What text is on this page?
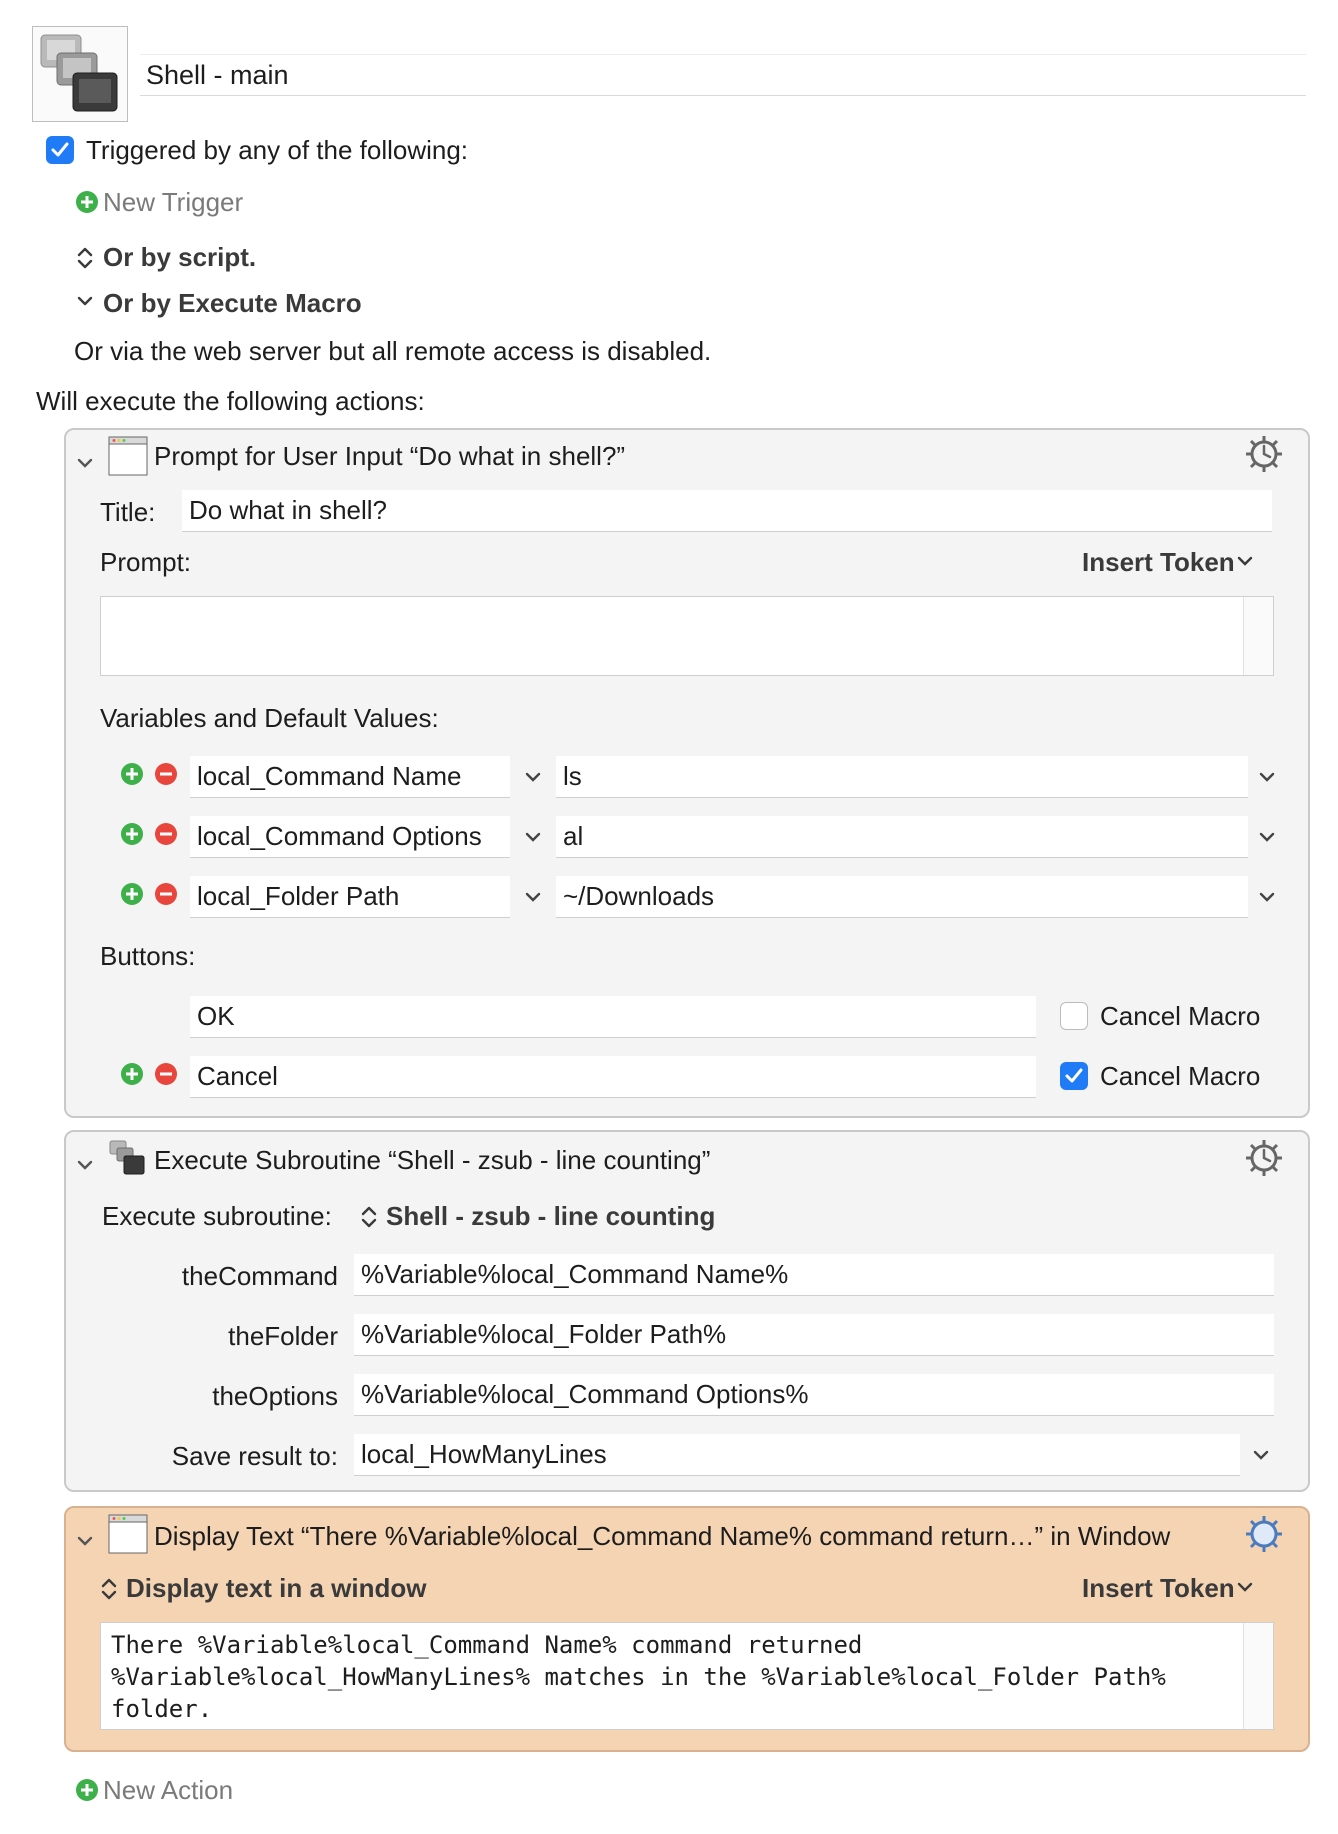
Shell - main
Triggered by any of the following:
New Trigger
Or by script.
Or by Execute Macro
Or via the web server but all remote access is disabled.
Will execute the following actions:
Prompt for User Input “Do what in shell?”
Title: Do what in shell?
Prompt:	Insert Token
Variables and Default Values:
local_Command Name	ls
local_Command Options	al
local_Folder Path	~/Downloads
Buttons:
OK	Cancel Macro
Cancel	Cancel Macro
Execute Subroutine “Shell - zsub - line counting”
Execute subroutine: Shell - zsub - line counting
theCommand %Variable%local_Command Name%
theFolder %Variable%local_Folder Path%
theOptions %Variable%local_Command Options%
Save result to: local_HowManyLines
Display Text “There %Variable%local_Command Name% command return…” in Window
Display text in a window	Insert Token
There %Variable%local_Command Name% command returned
%Variable%local_HowManyLines% matches in the %Variable%local_Folder Path%
folder.
New Action
